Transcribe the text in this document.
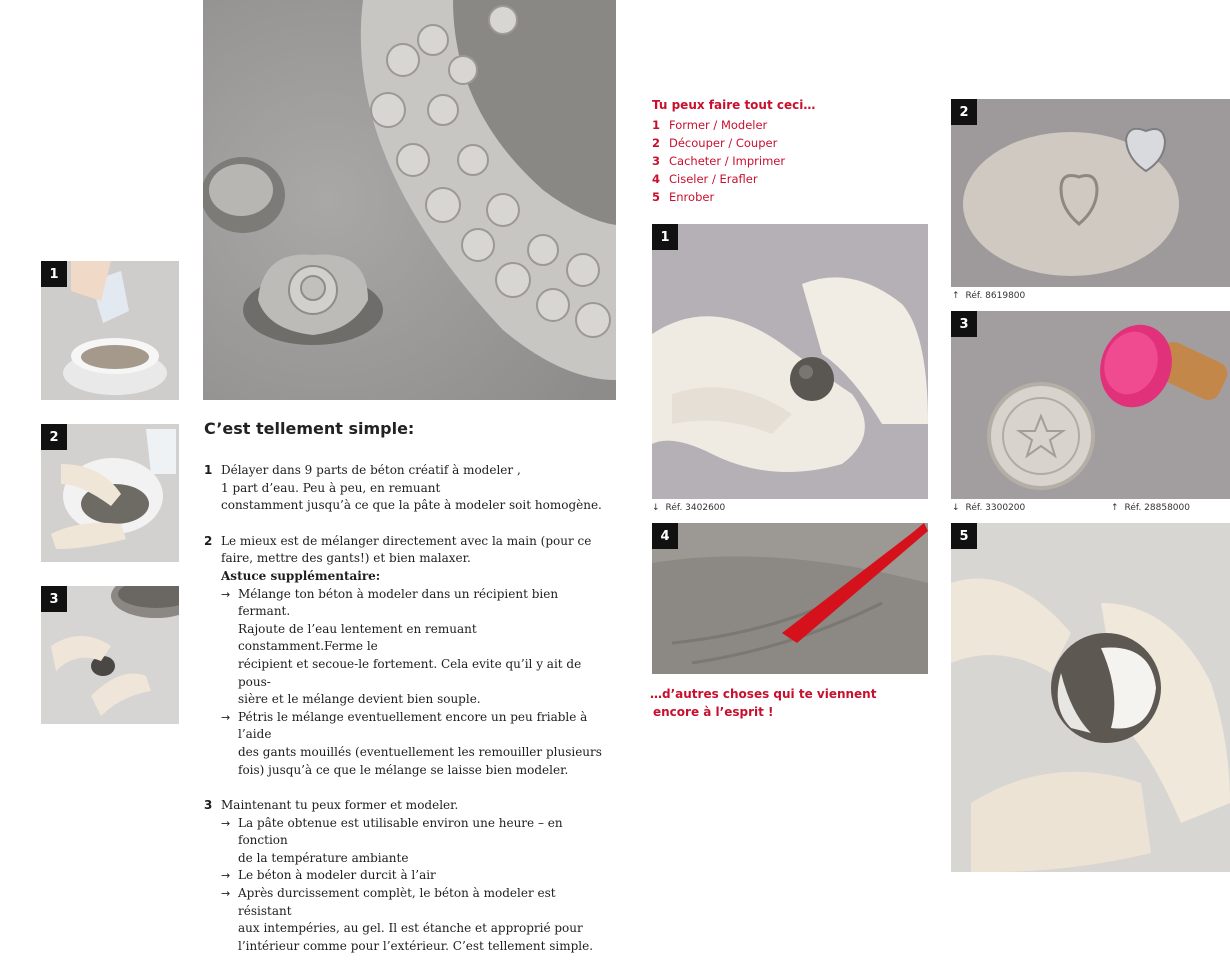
1
2
3
C’est tellement simple:
1 Délayer dans 9 parts de béton créatif à modeler ,

1 part d’eau. Peu à peu, en remuant

constamment jusqu’à ce que la pâte à modeler soit homogène.

2 Le mieux est de mélanger directement avec la main (pour ce

faire, mettre des gants!) et bien malaxer.

Astuce supplémentaire:

→ Mélange ton béton à modeler dans un récipient bien fermant.
Rajoute de l’eau lentement en remuant constamment.Ferme le
récipient et secoue-le fortement. Cela evite qu’il y ait de pous-
sière et le mélange devient bien souple.
→ Pétris le mélange eventuellement encore un peu friable à l’aide
des gants mouillés (eventuellement les remouiller plusieurs
fois) jusqu’à ce que le mélange se laisse bien modeler.
3 Maintenant tu peux former et modeler.

→ La pâte obtenue est utilisable environ une heure – en fonction
de la température ambiante
→ Le béton à modeler durcit à l’air
→ Après durcissement complèt, le béton à modeler est résistant
aux intempéries, au gel. Il est étanche et approprié pour
l’intérieur comme pour l’extérieur. C’est tellement simple.

Tu peux faire tout ceci…

1 Former / Modeler
2 Découper / Couper
3 Cacheter / Imprimer
4 Ciseler / Erafler
5 Enrober
1
↓ Réf. 3402600
4
…d’autres choses qui te viennent
encore à l’esprit !
2
↑ Réf. 8619800
3
↓ Réf. 3300200	↑ Réf. 28858000
5
